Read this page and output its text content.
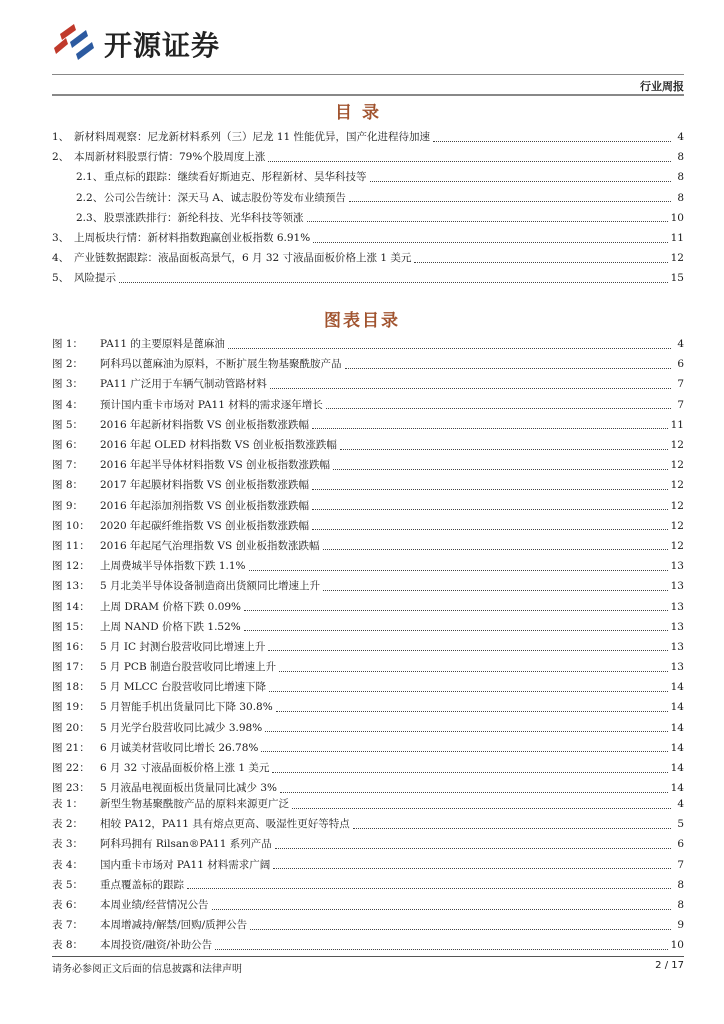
开源证券
行业周报
目录
1、 新材料周观察：尼龙新材料系列（三）尼龙 11 性能优异，国产化进程待加速	4
2、 本周新材料股票行情：79%个股周度上涨	8
2.1、 重点标的跟踪：继续看好斯迪克、彤程新材、昊华科技等	8
2.2、 公司公告统计：深天马 A、诚志股份等发布业绩预告	8
2.3、 股票涨跌排行：新纶科技、光华科技等领涨	10
3、 上周板块行情：新材料指数跑赢创业板指数 6.91%	11
4、 产业链数据跟踪：液晶面板高景气，6 月 32 寸液晶面板价格上涨 1 美元	12
5、 风险提示	15
图表目录
图 1：	PA11 的主要原料是蓖麻油	4
图 2：	阿科玛以蓖麻油为原料，不断扩展生物基聚酰胺产品	6
图 3：	PA11 广泛用于车辆气制动管路材料	7
图 4：	预计国内重卡市场对 PA11 材料的需求逐年增长	7
图 5：	2016 年起新材料指数 VS 创业板指数涨跌幅	11
图 6：	2016 年起 OLED 材料指数 VS 创业板指数涨跌幅	12
图 7：	2016 年起半导体材料指数 VS 创业板指数涨跌幅	12
图 8：	2017 年起膜材料指数 VS 创业板指数涨跌幅	12
图 9：	2016 年起添加剂指数 VS 创业板指数涨跌幅	12
图 10： 2020 年起碳纤维指数 VS 创业板指数涨跌幅	12
图 11： 2016 年起尾气治理指数 VS 创业板指数涨跌幅	12
图 12： 上周费城半导体指数下跌 1.1%	13
图 13： 5 月北美半导体设备制造商出货额同比增速上升	13
图 14： 上周 DRAM 价格下跌 0.09%	13
图 15： 上周 NAND 价格下跌 1.52%	13
图 16： 5 月 IC 封测台股营收同比增速上升	13
图 17： 5 月 PCB 制造台股营收同比增速上升	13
图 18： 5 月 MLCC 台股营收同比增速下降	14
图 19： 5 月智能手机出货量同比下降 30.8%	14
图 20： 5 月光学台股营收同比减少 3.98%	14
图 21： 6 月诚美材营收同比增长 26.78%	14
图 22： 6 月 32 寸液晶面板价格上涨 1 美元	14
图 23： 5 月液晶电视面板出货量同比减少 3%	14
表 1：	新型生物基聚酰胺产品的原料来源更广泛	4
表 2：	相较 PA12，PA11 具有熔点更高、吸湿性更好等特点	5
表 3：	阿科玛拥有 Rilsan®PA11 系列产品	6
表 4：	国内重卡市场对 PA11 材料需求广阔	7
表 5：	重点覆盖标的跟踪	8
表 6：	本周业绩/经营情况公告	8
表 7：	本周增减持/解禁/回购/质押公告	9
表 8：	本周投资/融资/补助公告	10
请务必参阅正文后面的信息披露和法律声明	2 / 17
